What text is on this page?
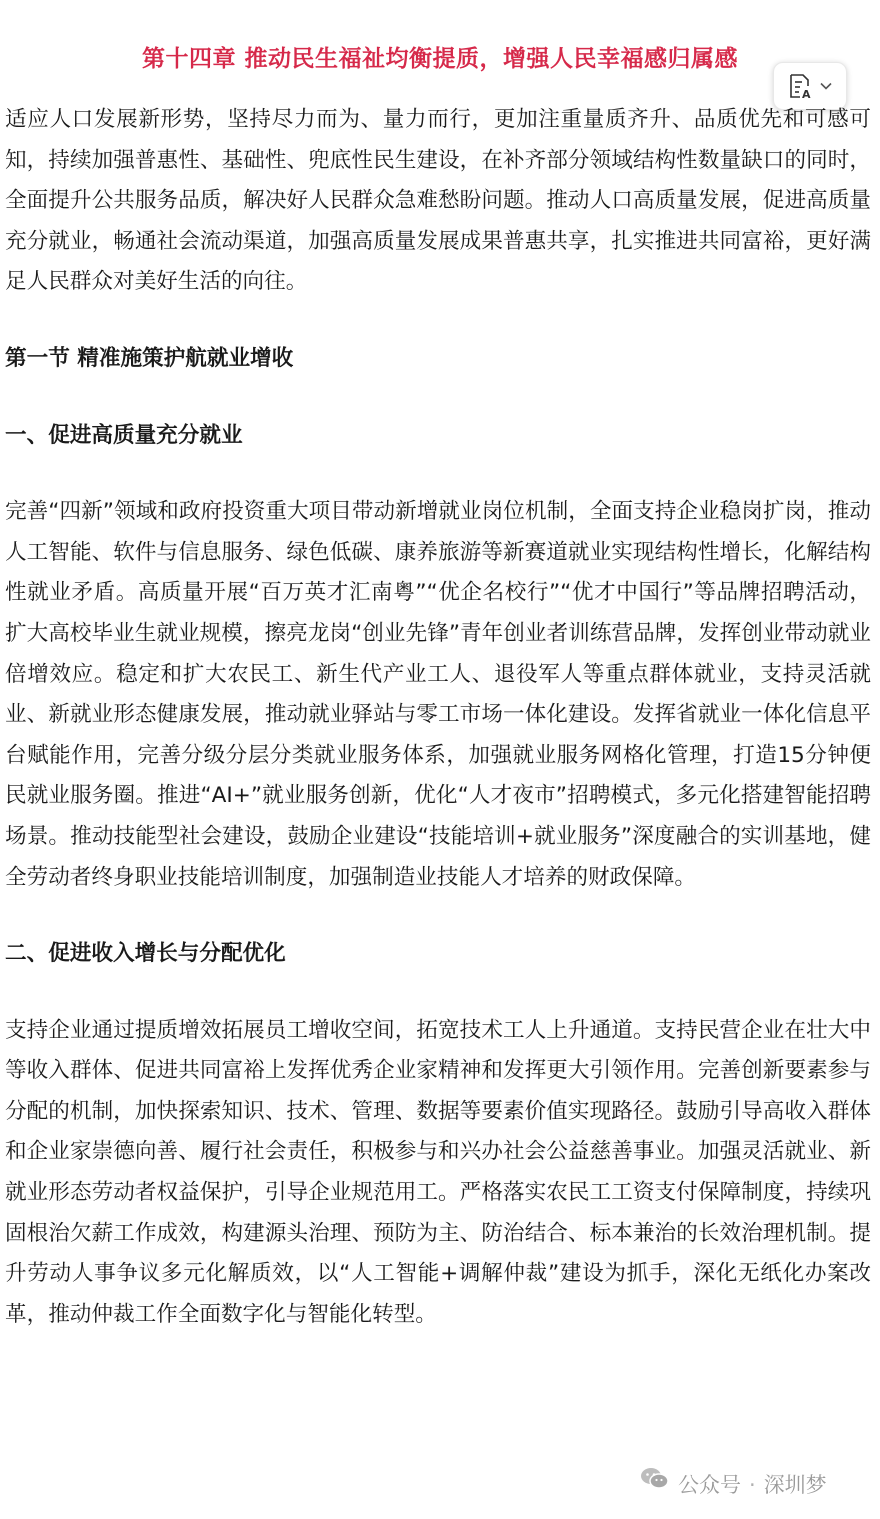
第十四章 推动民生福祉均衡提质，增强人民幸福感归属感
A

适应人口发展新形势，坚持尽力而为、量力而行，更加注重量质齐升、品质优先和可感可知，持续加强普惠性、基础性、兜底性民生建设，在补齐部分领域结构性数量缺口的同时，全面提升公共服务品质，解决好人民群众急难愁盼问题。推动人口高质量发展，促进高质量充分就业，畅通社会流动渠道，加强高质量发展成果普惠共享，扎实推进共同富裕，更好满足人民群众对美好生活的向往。

第一节 精准施策护航就业增收
一、促进高质量充分就业

完善“四新”领域和政府投资重大项目带动新增就业岗位机制，全面支持企业稳岗扩岗，推动人工智能、软件与信息服务、绿色低碳、康养旅游等新赛道就业实现结构性增长，化解结构性就业矛盾。高质量开展“百万英才汇南粤”“优企名校行”“优才中国行”等品牌招聘活动，扩大高校毕业生就业规模，擦亮龙岗“创业先锋”青年创业者训练营品牌，发挥创业带动就业倍增效应。稳定和扩大农民工、新生代产业工人、退役军人等重点群体就业，支持灵活就业、新就业形态健康发展，推动就业驿站与零工市场一体化建设。发挥省就业一体化信息平台赋能作用，完善分级分层分类就业服务体系，加强就业服务网格化管理，打造15分钟便民就业服务圈。推进“AI+”就业服务创新，优化“人才夜市”招聘模式，多元化搭建智能招聘场景。推动技能型社会建设，鼓励企业建设“技能培训+就业服务”深度融合的实训基地，健全劳动者终身职业技能培训制度，加强制造业技能人才培养的财政保障。

二、促进收入增长与分配优化

支持企业通过提质增效拓展员工增收空间，拓宽技术工人上升通道。支持民营企业在壮大中等收入群体、促进共同富裕上发挥优秀企业家精神和发挥更大引领作用。完善创新要素参与分配的机制，加快探索知识、技术、管理、数据等要素价值实现路径。鼓励引导高收入群体和企业家崇德向善、履行社会责任，积极参与和兴办社会公益慈善事业。加强灵活就业、新就业形态劳动者权益保护，引导企业规范用工。严格落实农民工工资支付保障制度，持续巩固根治欠薪工作成效，构建源头治理、预防为主、防治结合、标本兼治的长效治理机制。提升劳动人事争议多元化解质效，以“人工智能+调解仲裁”建设为抓手，深化无纸化办案改革，推动仲裁工作全面数字化与智能化转型。

公众号 · 深圳梦
